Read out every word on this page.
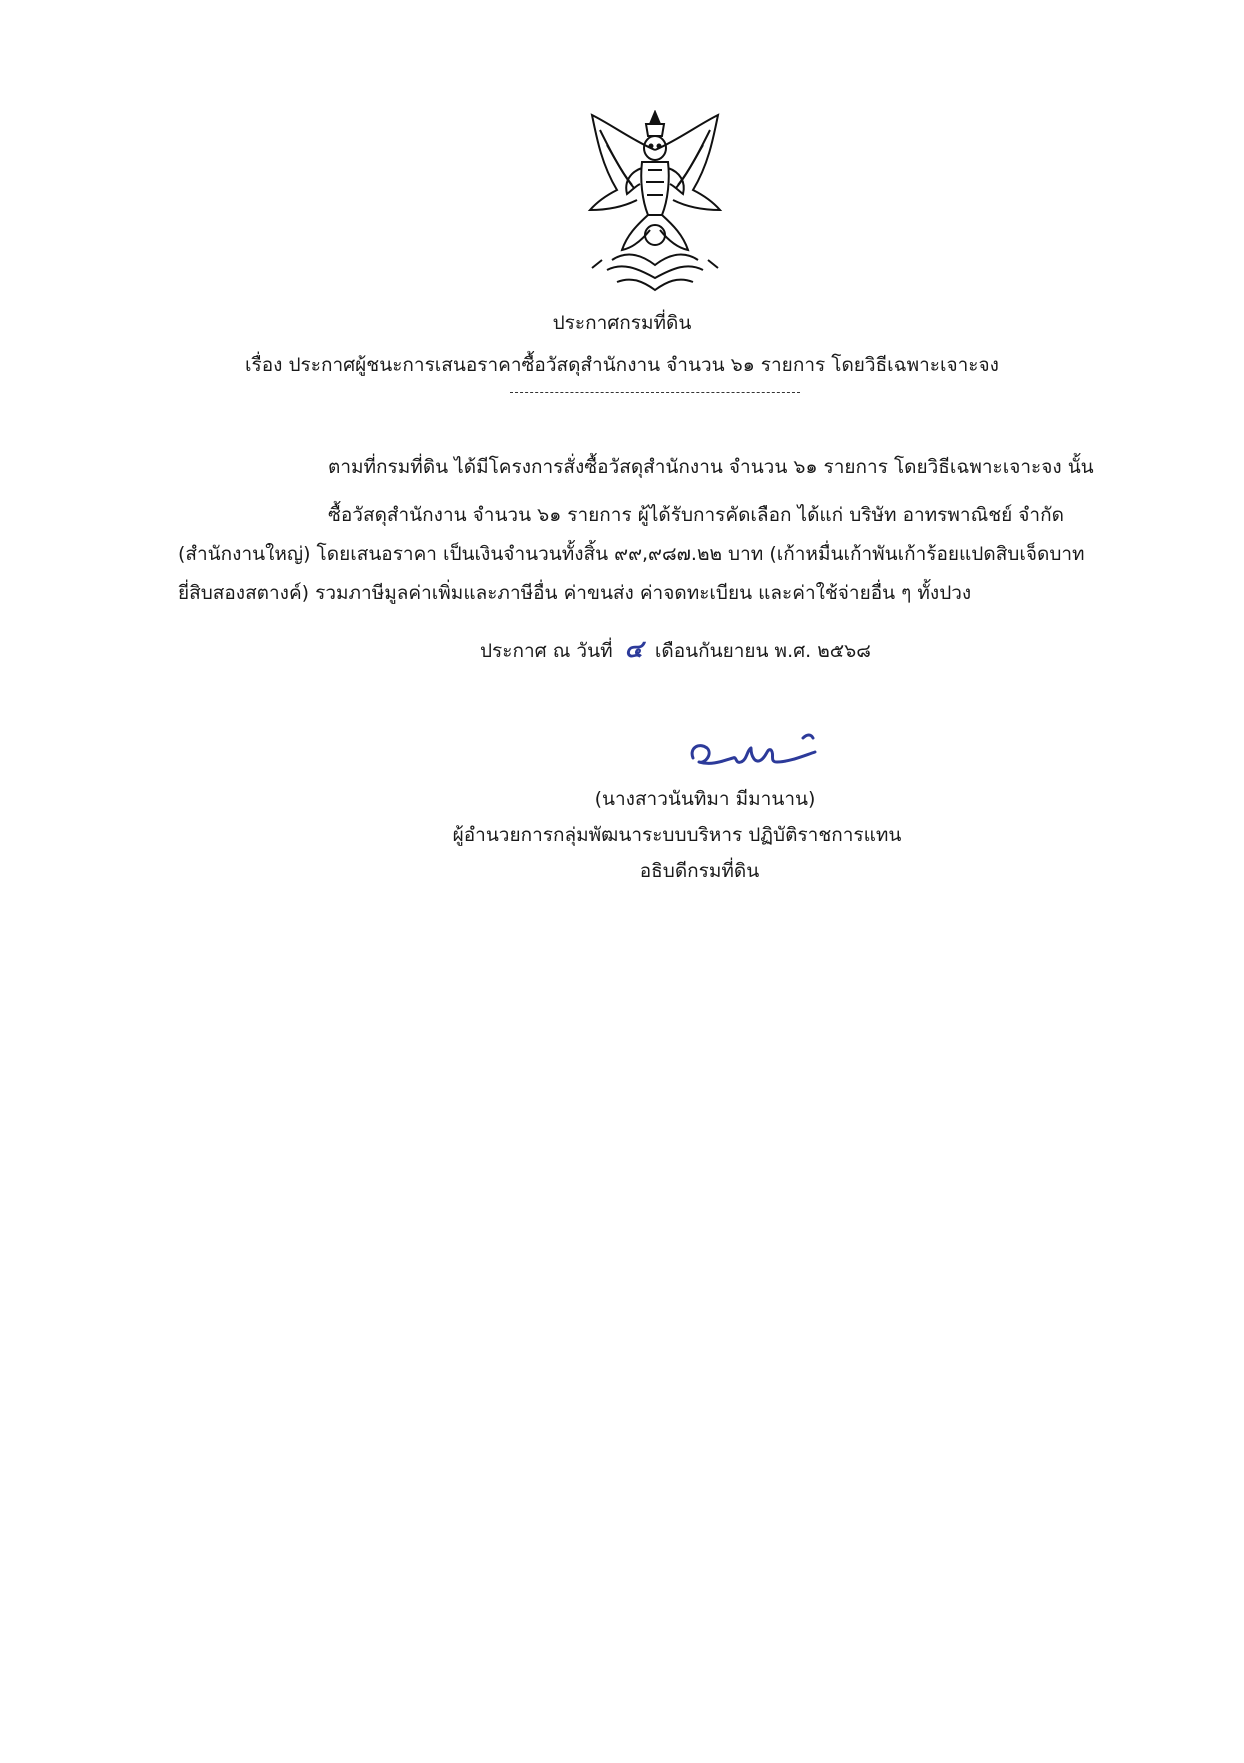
ประกาศกรมที่ดิน
เรื่อง ประกาศผู้ชนะการเสนอราคาซื้อวัสดุสำนักงาน จำนวน ๖๑ รายการ โดยวิธีเฉพาะเจาะจง
ตามที่กรมที่ดิน ได้มีโครงการสั่งซื้อวัสดุสำนักงาน จำนวน ๖๑ รายการ โดยวิธีเฉพาะเจาะจง นั้น
ซื้อวัสดุสำนักงาน จำนวน ๖๑ รายการ ผู้ได้รับการคัดเลือก ได้แก่ บริษัท อาทรพาณิชย์ จำกัด
(สำนักงานใหญ่) โดยเสนอราคา เป็นเงินจำนวนทั้งสิ้น ๙๙,๙๘๗.๒๒ บาท (เก้าหมื่นเก้าพันเก้าร้อยแปดสิบเจ็ดบาท
ยี่สิบสองสตางค์) รวมภาษีมูลค่าเพิ่มและภาษีอื่น ค่าขนส่ง ค่าจดทะเบียน และค่าใช้จ่ายอื่น ๆ ทั้งปวง
ประกาศ ณ วันที่ ๔ เดือนกันยายน พ.ศ. ๒๕๖๘
(นางสาวนันทิมา มีมานาน)
ผู้อำนวยการกลุ่มพัฒนาระบบบริหาร ปฏิบัติราชการแทน
อธิบดีกรมที่ดิน
